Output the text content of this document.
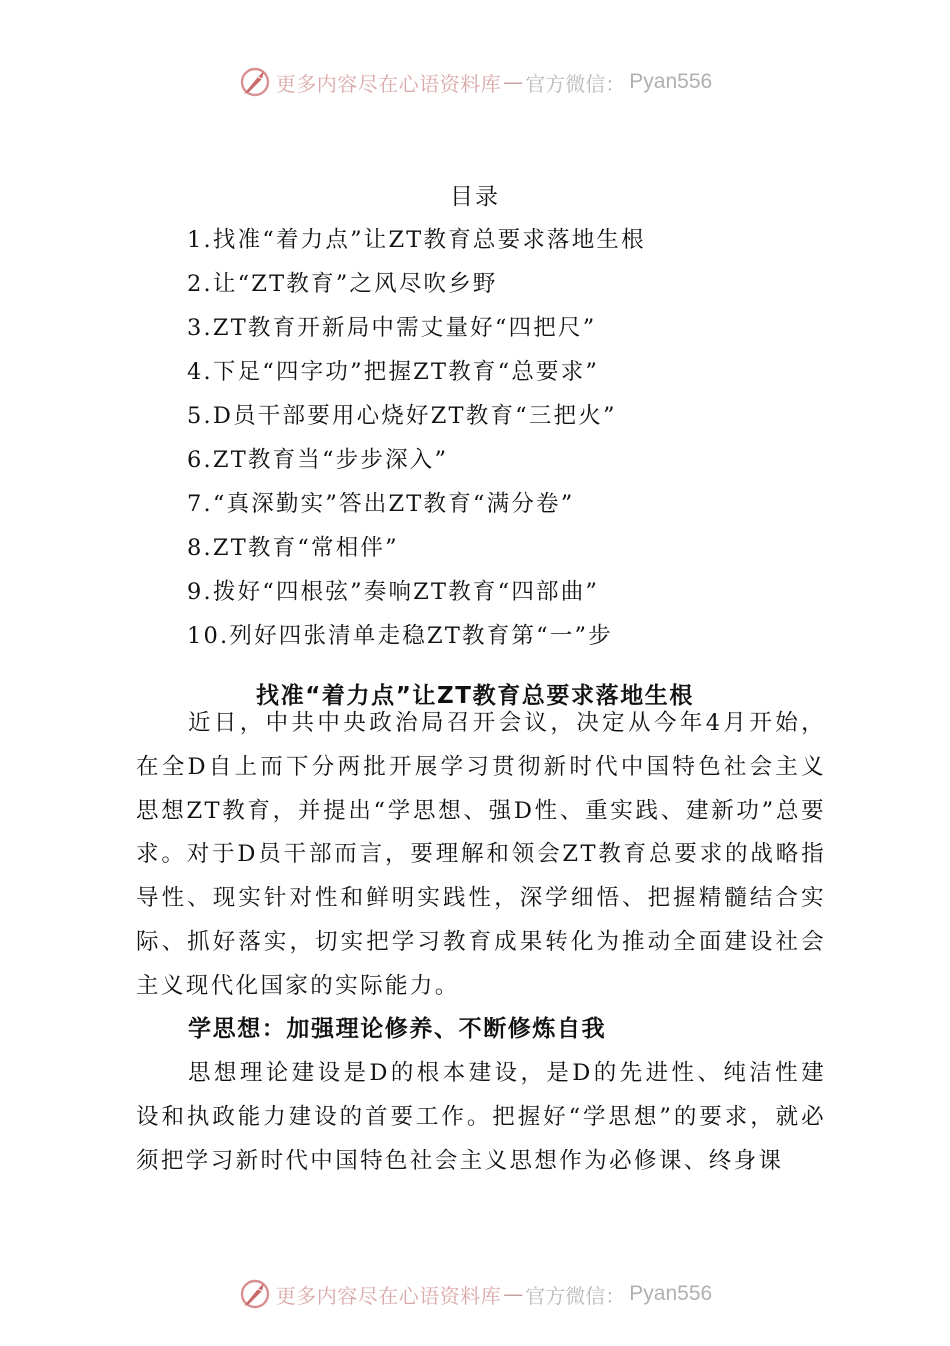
更多内容尽在心语资料库 — 官方微信： Pyan556
目录
1.找准“着力点”让ZT教育总要求落地生根
2.让“ZT教育”之风尽吹乡野
3.ZT教育开新局中需丈量好“四把尺”
4.下足“四字功”把握ZT教育“总要求”
5.D员干部要用心烧好ZT教育“三把火”
6.ZT教育当“步步深入”
7.“真深勤实”答出ZT教育“满分卷”
8.ZT教育“常相伴”
9.拨好“四根弦”奏响ZT教育“四部曲”
10.列好四张清单走稳ZT教育第“一”步
找准“着力点”让ZT教育总要求落地生根

近日，中共中央政治局召开会议，决定从今年4月开始，在全D自上而下分两批开展学习贯彻新时代中国特色社会主义思想ZT教育，并提出“学思想、强D性、重实践、建新功”总要求。对于D员干部而言，要理解和领会ZT教育总要求的战略指导性、现实针对性和鲜明实践性，深学细悟、把握精髓结合实际、抓好落实，切实把学习教育成果转化为推动全面建设社会主义现代化国家的实际能力。

学思想：加强理论修养、不断修炼自我

思想理论建设是D的根本建设，是D的先进性、纯洁性建设和执政能力建设的首要工作。把握好“学思想”的要求，就必须把学习新时代中国特色社会主义思想作为必修课、终身课

更多内容尽在心语资料库 — 官方微信： Pyan556
